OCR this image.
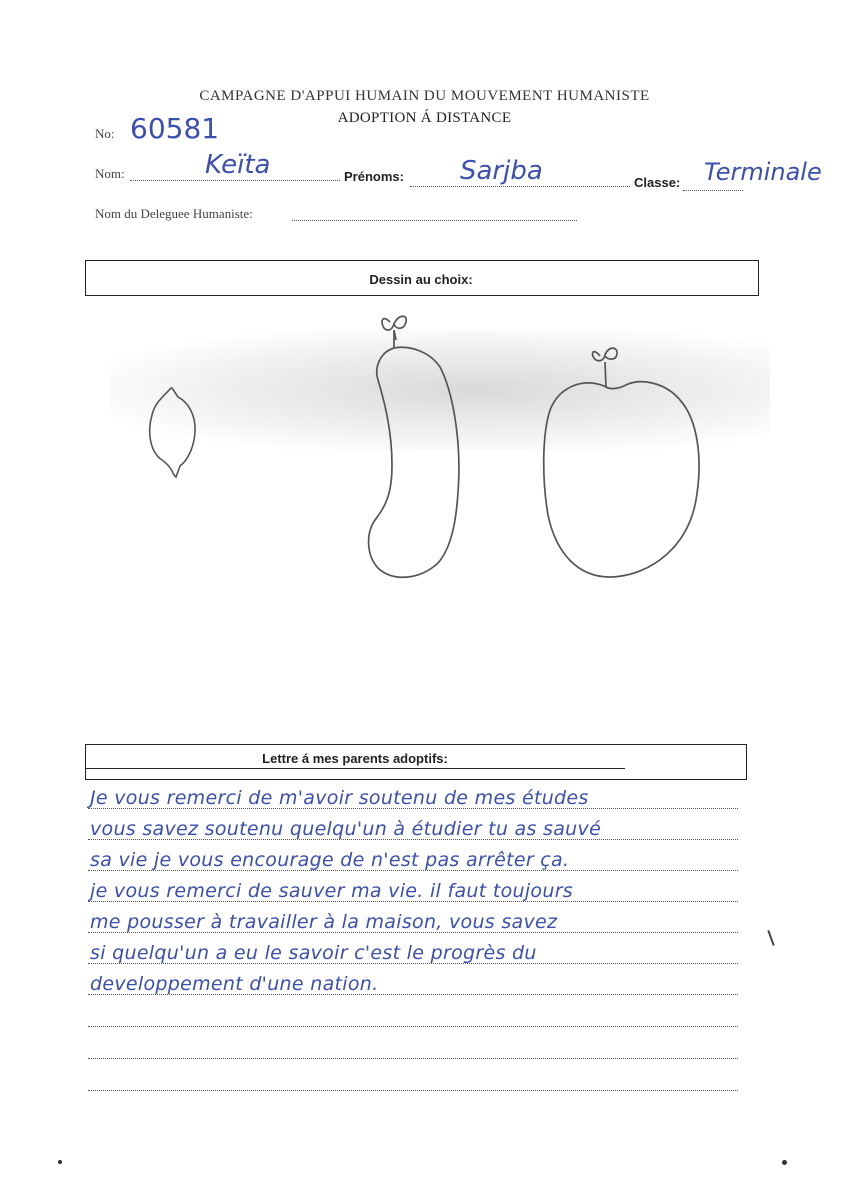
CAMPAGNE D'APPUI HUMAIN DU MOUVEMENT HUMANISTE
ADOPTION Á DISTANCE
No: 60581
Nom:	Keïta	Prénoms: Sarjba	Classe: Terminale
Nom du Deleguee Humaniste:
Dessin au choix:
Lettre á mes parents adoptifs:
Je vous remerci de m'avoir soutenu de mes études
vous savez soutenu quelqu'un à étudier tu as sauvé
sa vie je vous encourage de n'est pas arrêter ça.
je vous remerci de sauver ma vie. il faut toujours
me pousser à travailler à la maison, vous savez
si quelqu'un a eu le savoir c'est le progrès du
developpement d'une nation.
